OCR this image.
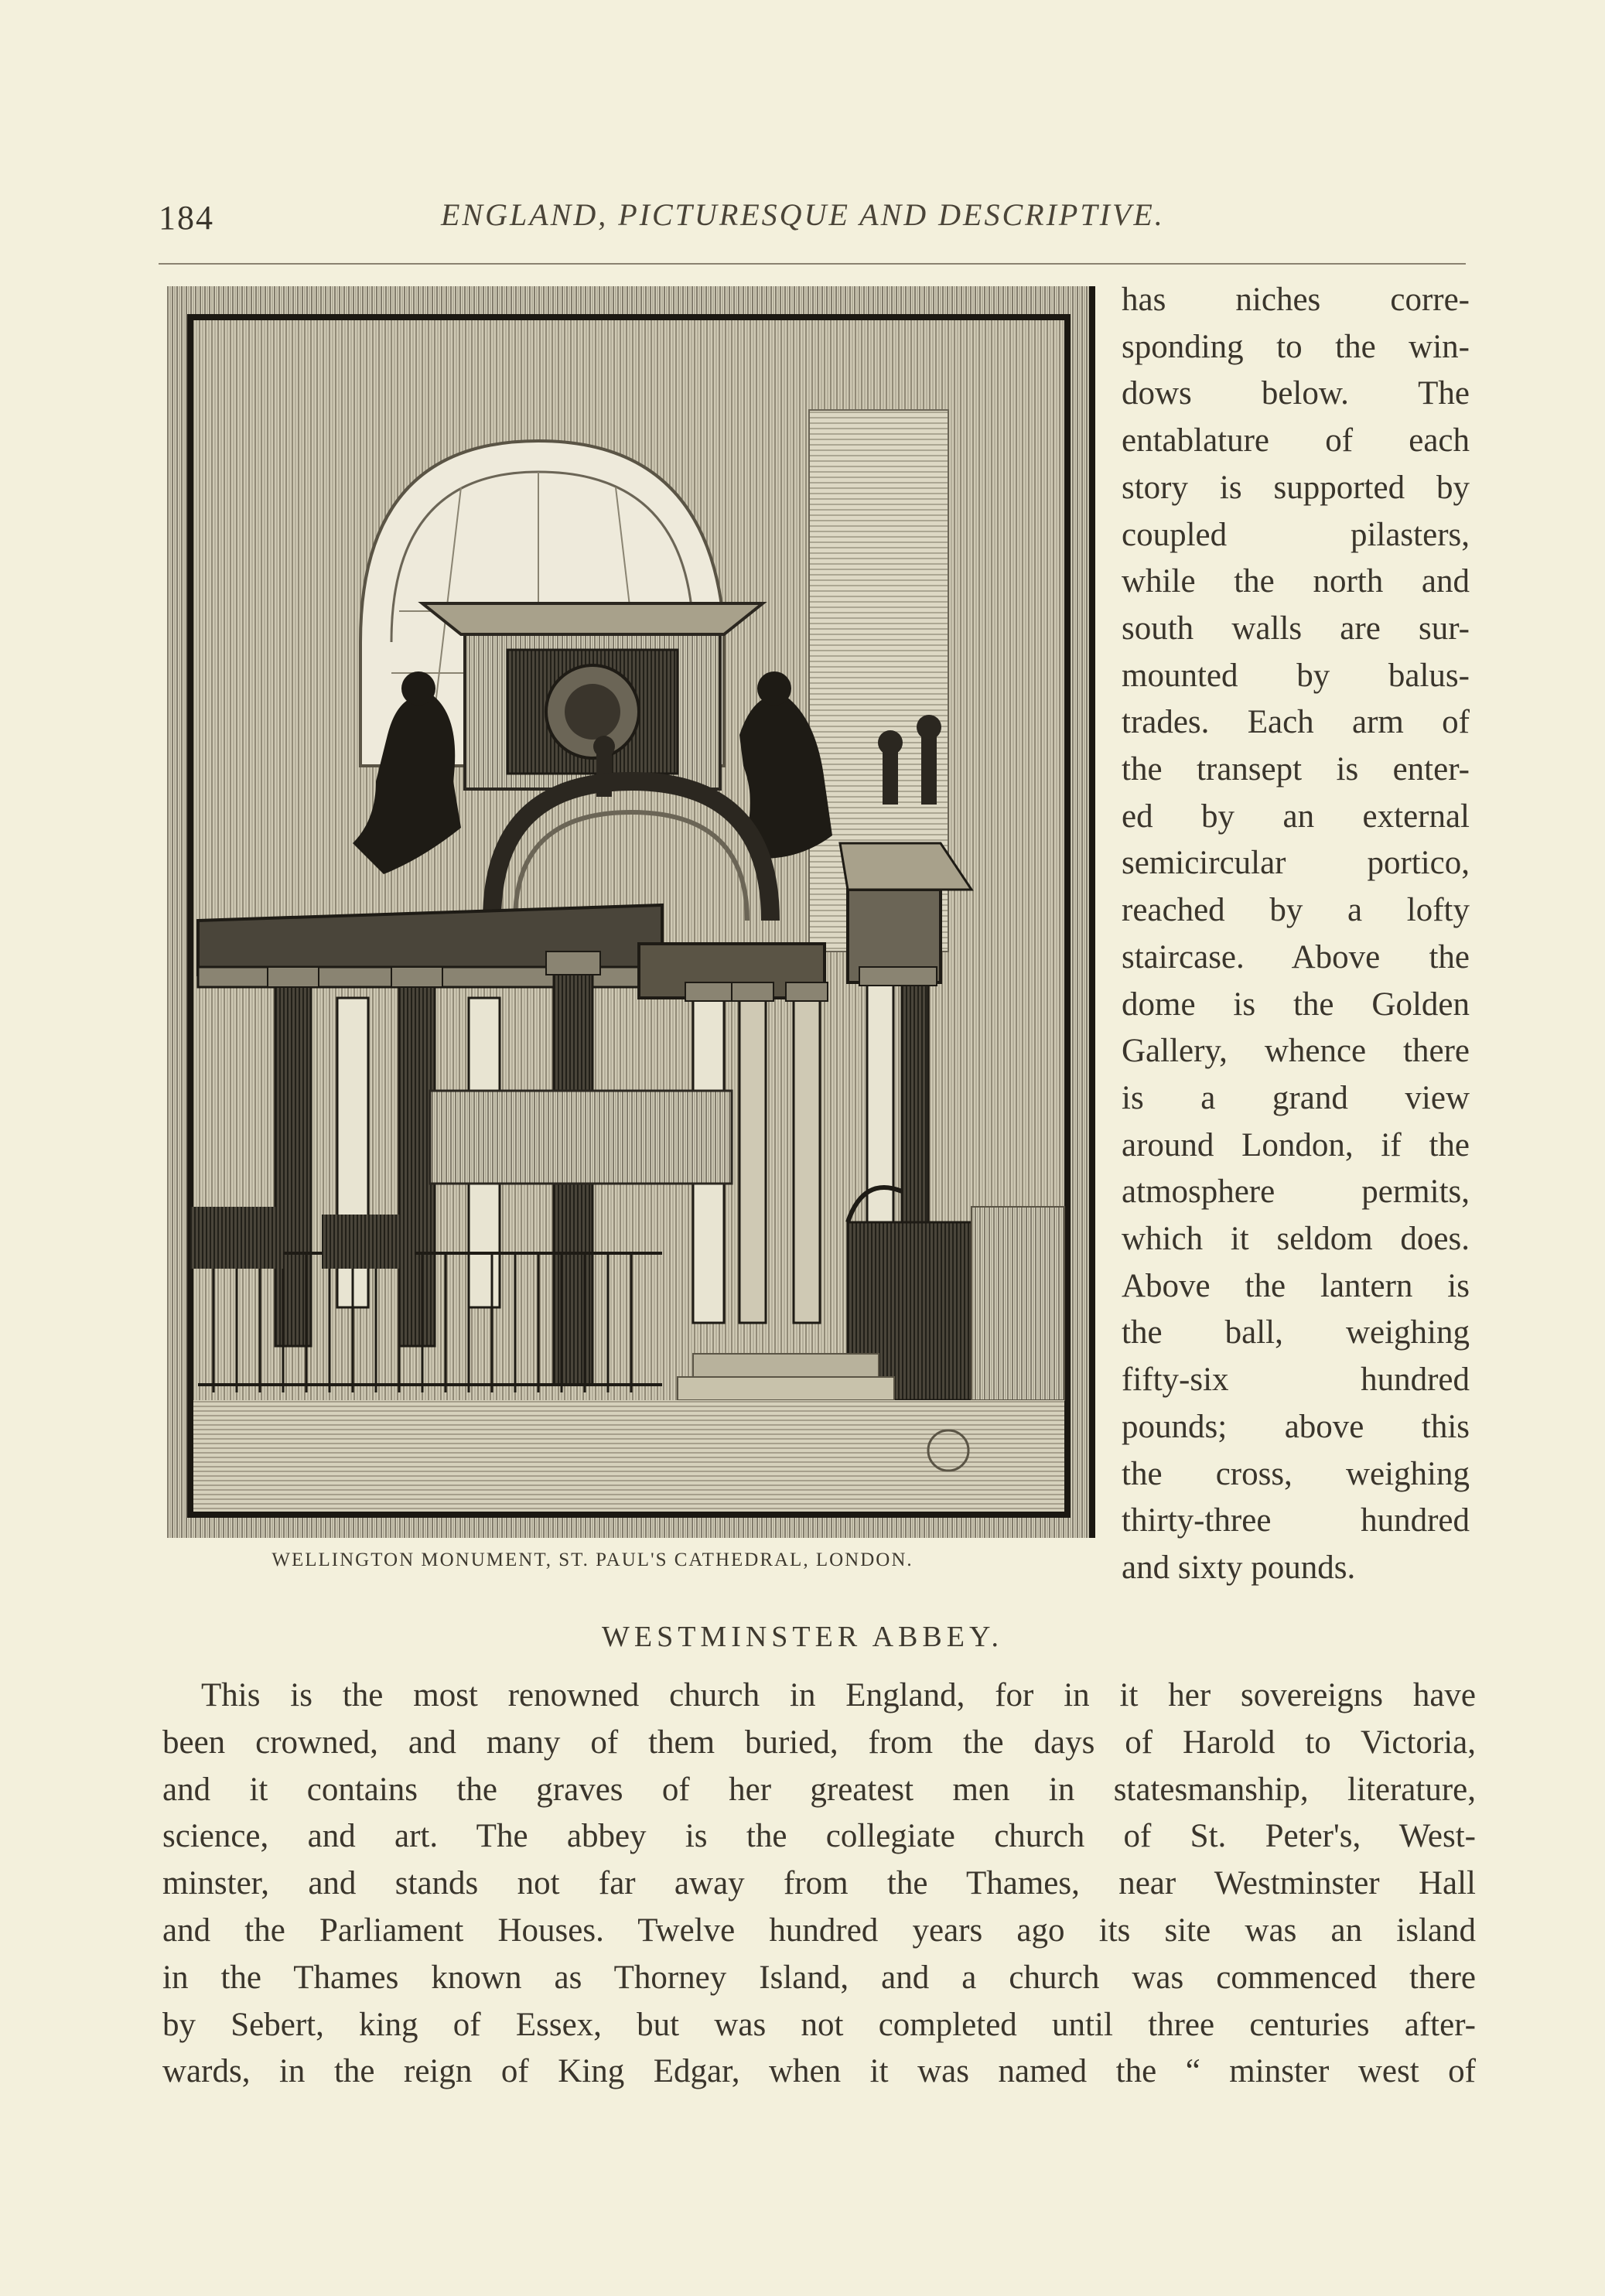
184	ENGLAND, PICTURESQUE AND DESCRIPTIVE.
WELLINGTON MONUMENT, ST. PAUL'S CATHEDRAL, LONDON.
has niches corre-
sponding to the win-
dows below. The
entablature of each
story is supported by
coupled pilasters,
while the north and
south walls are sur-
mounted by balus-
trades. Each arm of
the transept is enter-
ed by an external
semicircular portico,
reached by a lofty
staircase. Above the
dome is the Golden
Gallery, whence there
is a grand view
around London, if the
atmosphere permits,
which it seldom does.
Above the lantern is
the ball, weighing
fifty-six hundred
pounds; above this
the cross, weighing
thirty-three hundred
and sixty pounds.
WESTMINSTER ABBEY.
This is the most renowned church in England, for in it her sovereigns have
been crowned, and many of them buried, from the days of Harold to Victoria,
and it contains the graves of her greatest men in statesmanship, literature,
science, and art. The abbey is the collegiate church of St. Peter's, West-
minster, and stands not far away from the Thames, near Westminster Hall
and the Parliament Houses. Twelve hundred years ago its site was an island
in the Thames known as Thorney Island, and a church was commenced there
by Sebert, king of Essex, but was not completed until three centuries after-
wards, in the reign of King Edgar, when it was named the “ minster west of
